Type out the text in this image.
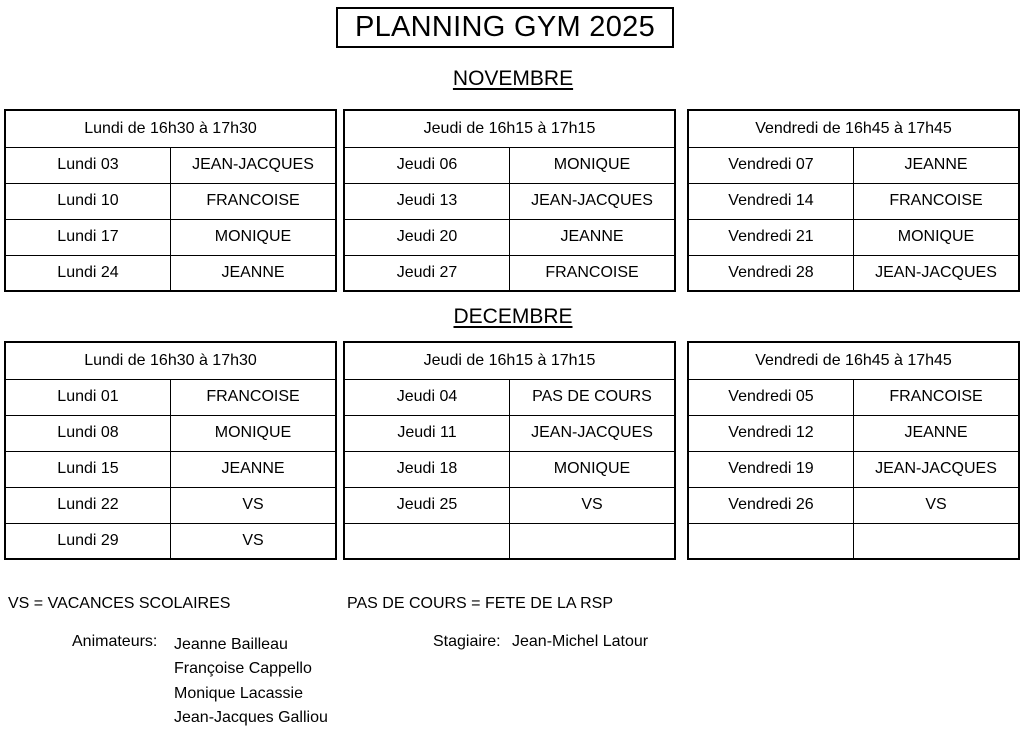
PLANNING GYM 2025
NOVEMBRE
DECEMBRE
Lundi de 16h30 à 17h30	
Lundi 03	JEAN-JACQUES
Lundi 10	FRANCOISE
Lundi 17	MONIQUE
Lundi 24	JEANNE
Jeudi de 16h15 à 17h15	
Jeudi 06	MONIQUE
Jeudi 13	JEAN-JACQUES
Jeudi 20	JEANNE
Jeudi 27	FRANCOISE
Vendredi de 16h45 à 17h45	
Vendredi 07	JEANNE
Vendredi 14	FRANCOISE
Vendredi 21	MONIQUE
Vendredi 28	JEAN-JACQUES
Lundi de 16h30 à 17h30	
Lundi 01	FRANCOISE
Lundi 08	MONIQUE
Lundi 15	JEANNE
Lundi 22	VS
Lundi 29	VS
Jeudi de 16h15 à 17h15	
Jeudi 04	PAS DE COURS
Jeudi 11	JEAN-JACQUES
Jeudi 18	MONIQUE
Jeudi 25	VS

Vendredi de 16h45 à 17h45	
Vendredi 05	FRANCOISE
Vendredi 12	JEANNE
Vendredi 19	JEAN-JACQUES
Vendredi 26	VS

VS = VACANCES SCOLAIRES	PAS DE COURS = FETE DE LA RSP
Animateurs: Jeanne Bailleau
Françoise Cappello
Monique Lacassie
Jean-Jacques Galliou
Stagiaire: Jean-Michel Latour
